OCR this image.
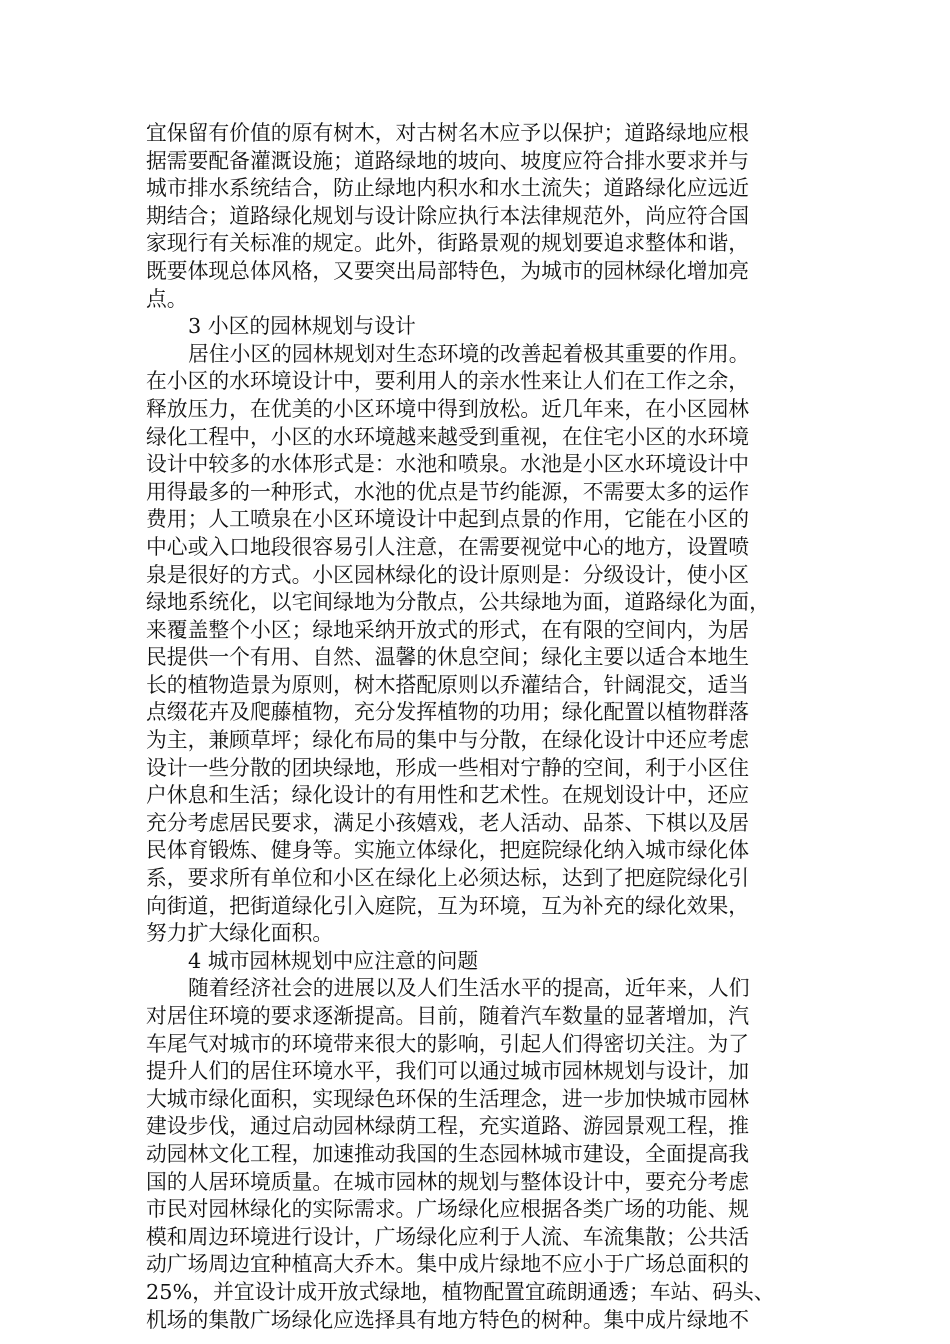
宜保留有价值的原有树木，对古树名木应予以保护；道路绿地应根
据需要配备灌溉设施；道路绿地的坡向、坡度应符合排水要求并与
城市排水系统结合，防止绿地内积水和水土流失；道路绿化应远近
期结合；道路绿化规划与设计除应执行本法律规范外，尚应符合国
家现行有关标准的规定。此外，街路景观的规划要追求整体和谐，
既要体现总体风格，又要突出局部特色，为城市的园林绿化增加亮
点。
3 小区的园林规划与设计
居住小区的园林规划对生态环境的改善起着极其重要的作用。
在小区的水环境设计中，要利用人的亲水性来让人们在工作之余，
释放压力，在优美的小区环境中得到放松。近几年来，在小区园林
绿化工程中，小区的水环境越来越受到重视，在住宅小区的水环境
设计中较多的水体形式是：水池和喷泉。水池是小区水环境设计中
用得最多的一种形式，水池的优点是节约能源，不需要太多的运作
费用；人工喷泉在小区环境设计中起到点景的作用，它能在小区的
中心或入口地段很容易引人注意，在需要视觉中心的地方，设置喷
泉是很好的方式。小区园林绿化的设计原则是：分级设计，使小区
绿地系统化，以宅间绿地为分散点，公共绿地为面，道路绿化为面，
来覆盖整个小区；绿地采纳开放式的形式，在有限的空间内，为居
民提供一个有用、自然、温馨的休息空间；绿化主要以适合本地生
长的植物造景为原则，树木搭配原则以乔灌结合，针阔混交，适当
点缀花卉及爬藤植物，充分发挥植物的功用；绿化配置以植物群落
为主，兼顾草坪；绿化布局的集中与分散，在绿化设计中还应考虑
设计一些分散的团块绿地，形成一些相对宁静的空间，利于小区住
户休息和生活；绿化设计的有用性和艺术性。在规划设计中，还应
充分考虑居民要求，满足小孩嬉戏，老人活动、品茶、下棋以及居
民体育锻炼、健身等。实施立体绿化，把庭院绿化纳入城市绿化体
系，要求所有单位和小区在绿化上必须达标，达到了把庭院绿化引
向街道，把街道绿化引入庭院，互为环境，互为补充的绿化效果，
努力扩大绿化面积。
4 城市园林规划中应注意的问题
随着经济社会的进展以及人们生活水平的提高，近年来，人们
对居住环境的要求逐渐提高。目前，随着汽车数量的显著增加，汽
车尾气对城市的环境带来很大的影响，引起人们得密切关注。为了
提升人们的居住环境水平，我们可以通过城市园林规划与设计，加
大城市绿化面积，实现绿色环保的生活理念，进一步加快城市园林
建设步伐，通过启动园林绿荫工程，充实道路、游园景观工程，推
动园林文化工程，加速推动我国的生态园林城市建设，全面提高我
国的人居环境质量。在城市园林的规划与整体设计中，要充分考虑
市民对园林绿化的实际需求。广场绿化应根据各类广场的功能、规
模和周边环境进行设计，广场绿化应利于人流、车流集散；公共活
动广场周边宜种植高大乔木。集中成片绿地不应小于广场总面积的
25%，并宜设计成开放式绿地，植物配置宜疏朗通透；车站、码头、
机场的集散广场绿化应选择具有地方特色的树种。集中成片绿地不
